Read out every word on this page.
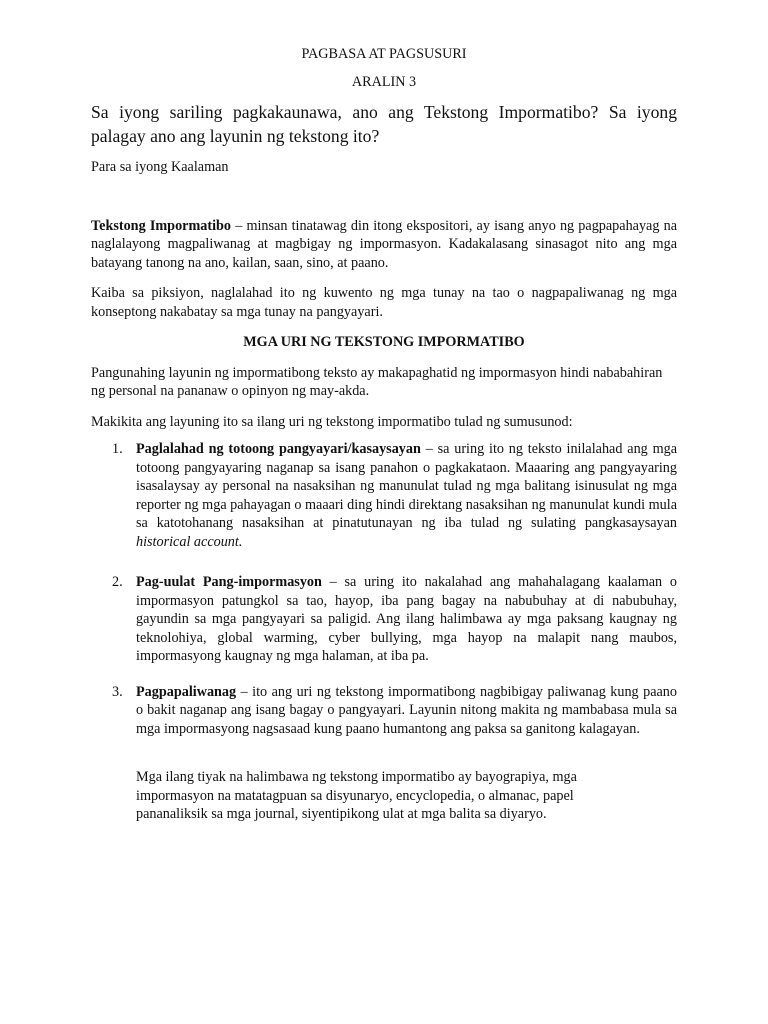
PAGBASA AT PAGSUSURI

ARALIN 3

Sa iyong sariling pagkakaunawa, ano ang Tekstong Impormatibo? Sa iyong palagay ano ang layunin ng tekstong ito?

Para sa iyong Kaalaman

Tekstong Impormatibo – minsan tinatawag din itong ekspositori, ay isang anyo ng pagpapahayag na naglalayong magpaliwanag at magbigay ng impormasyon. Kadakalasang sinasagot nito ang mga batayang tanong na ano, kailan, saan, sino, at paano.

Kaiba sa piksiyon, naglalahad ito ng kuwento ng mga tunay na tao o nagpapaliwanag ng mga konseptong nakabatay sa mga tunay na pangyayari.

MGA URI NG TEKSTONG IMPORMATIBO

Pangunahing layunin ng impormatibong teksto ay makapaghatid ng impormasyon hindi nababahiran ng personal na pananaw o opinyon ng may-akda.

Makikita ang layuning ito sa ilang uri ng tekstong impormatibo tulad ng sumusunod:

1. Paglalahad ng totoong pangyayari/kasaysayan – sa uring ito ng teksto inilalahad ang mga totoong pangyayaring naganap sa isang panahon o pagkakataon. Maaaring ang pangyayaring isasalaysay ay personal na nasaksihan ng manunulat tulad ng mga balitang isinusulat ng mga reporter ng mga pahayagan o maaari ding hindi direktang nasaksihan ng manunulat kundi mula sa katotohanang nasaksihan at pinatutunayan ng iba tulad ng sulating pangkasaysayan historical account.
2. Pag-uulat Pang-impormasyon – sa uring ito nakalahad ang mahahalagang kaalaman o impormasyon patungkol sa tao, hayop, iba pang bagay na nabubuhay at di nabubuhay, gayundin sa mga pangyayari sa paligid. Ang ilang halimbawa ay mga paksang kaugnay ng teknolohiya, global warming, cyber bullying, mga hayop na malapit nang maubos, impormasyong kaugnay ng mga halaman, at iba pa.
3. Pagpapaliwanag – ito ang uri ng tekstong impormatibong nagbibigay paliwanag kung paano o bakit naganap ang isang bagay o pangyayari. Layunin nitong makita ng mambabasa mula sa mga impormasyong nagsasaad kung paano humantong ang paksa sa ganitong kalagayan.

Mga ilang tiyak na halimbawa ng tekstong impormatibo ay bayograpiya, mga impormasyon na matatagpuan sa disyunaryo, encyclopedia, o almanac, papel pananaliksik sa mga journal, siyentipikong ulat at mga balita sa diyaryo.
